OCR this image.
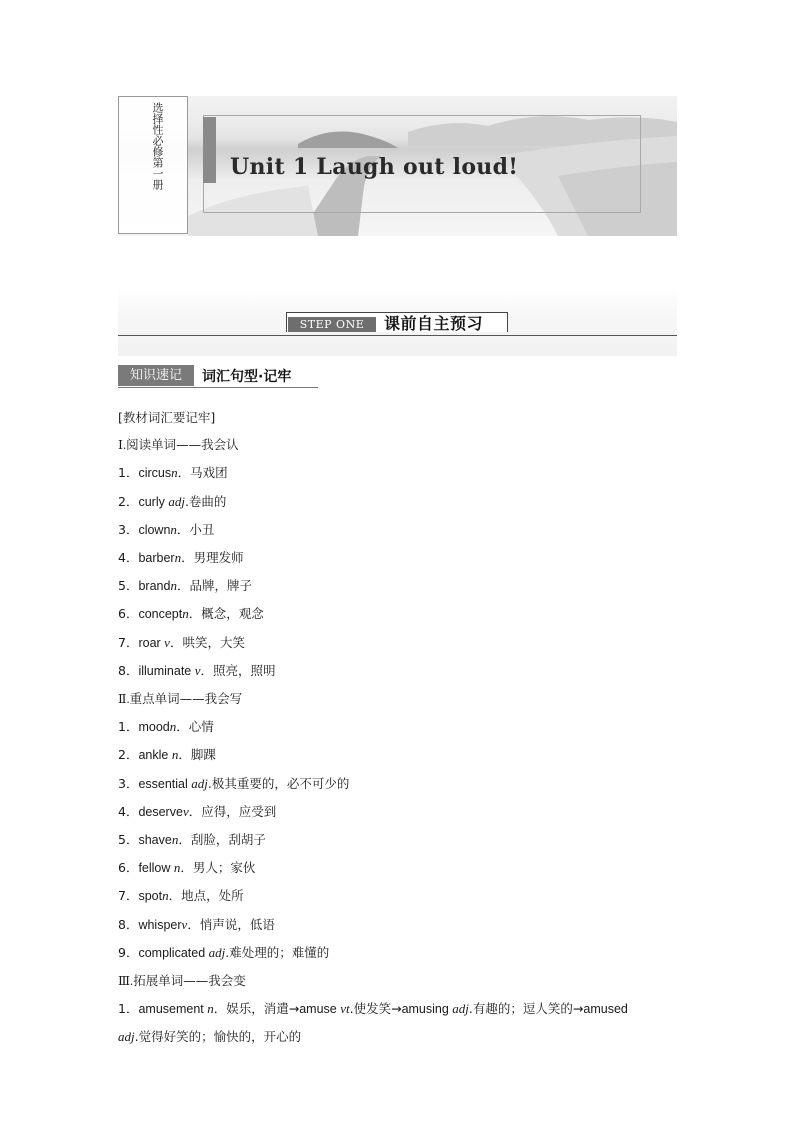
选择性必修第一册	Unit 1 Laugh out loud!
STEP ONE	课前自主预习
知识速记	词汇句型·记牢
[教材词汇要记牢]
Ⅰ.阅读单词——我会认
1．circusn．马戏团
2．curly adj.卷曲的
3．clownn．小丑
4．barbern．男理发师
5．brandn．品牌，牌子
6．conceptn．概念，观念
7．roar v．哄笑，大笑
8．illuminate v．照亮，照明
Ⅱ.重点单词——我会写
1．moodn．心情
2．ankle n．脚踝
3．essential adj.极其重要的，必不可少的
4．deservev．应得，应受到
5．shaven．刮脸，刮胡子
6．fellow n．男人；家伙
7．spotn．地点，处所
8．whisperv．悄声说，低语
9．complicated adj.难处理的；难懂的
Ⅲ.拓展单词——我会变
1．amusement n．娱乐，消遣→amuse vt.使发笑→amusing adj.有趣的；逗人笑的→amused
adj.觉得好笑的；愉快的，开心的
